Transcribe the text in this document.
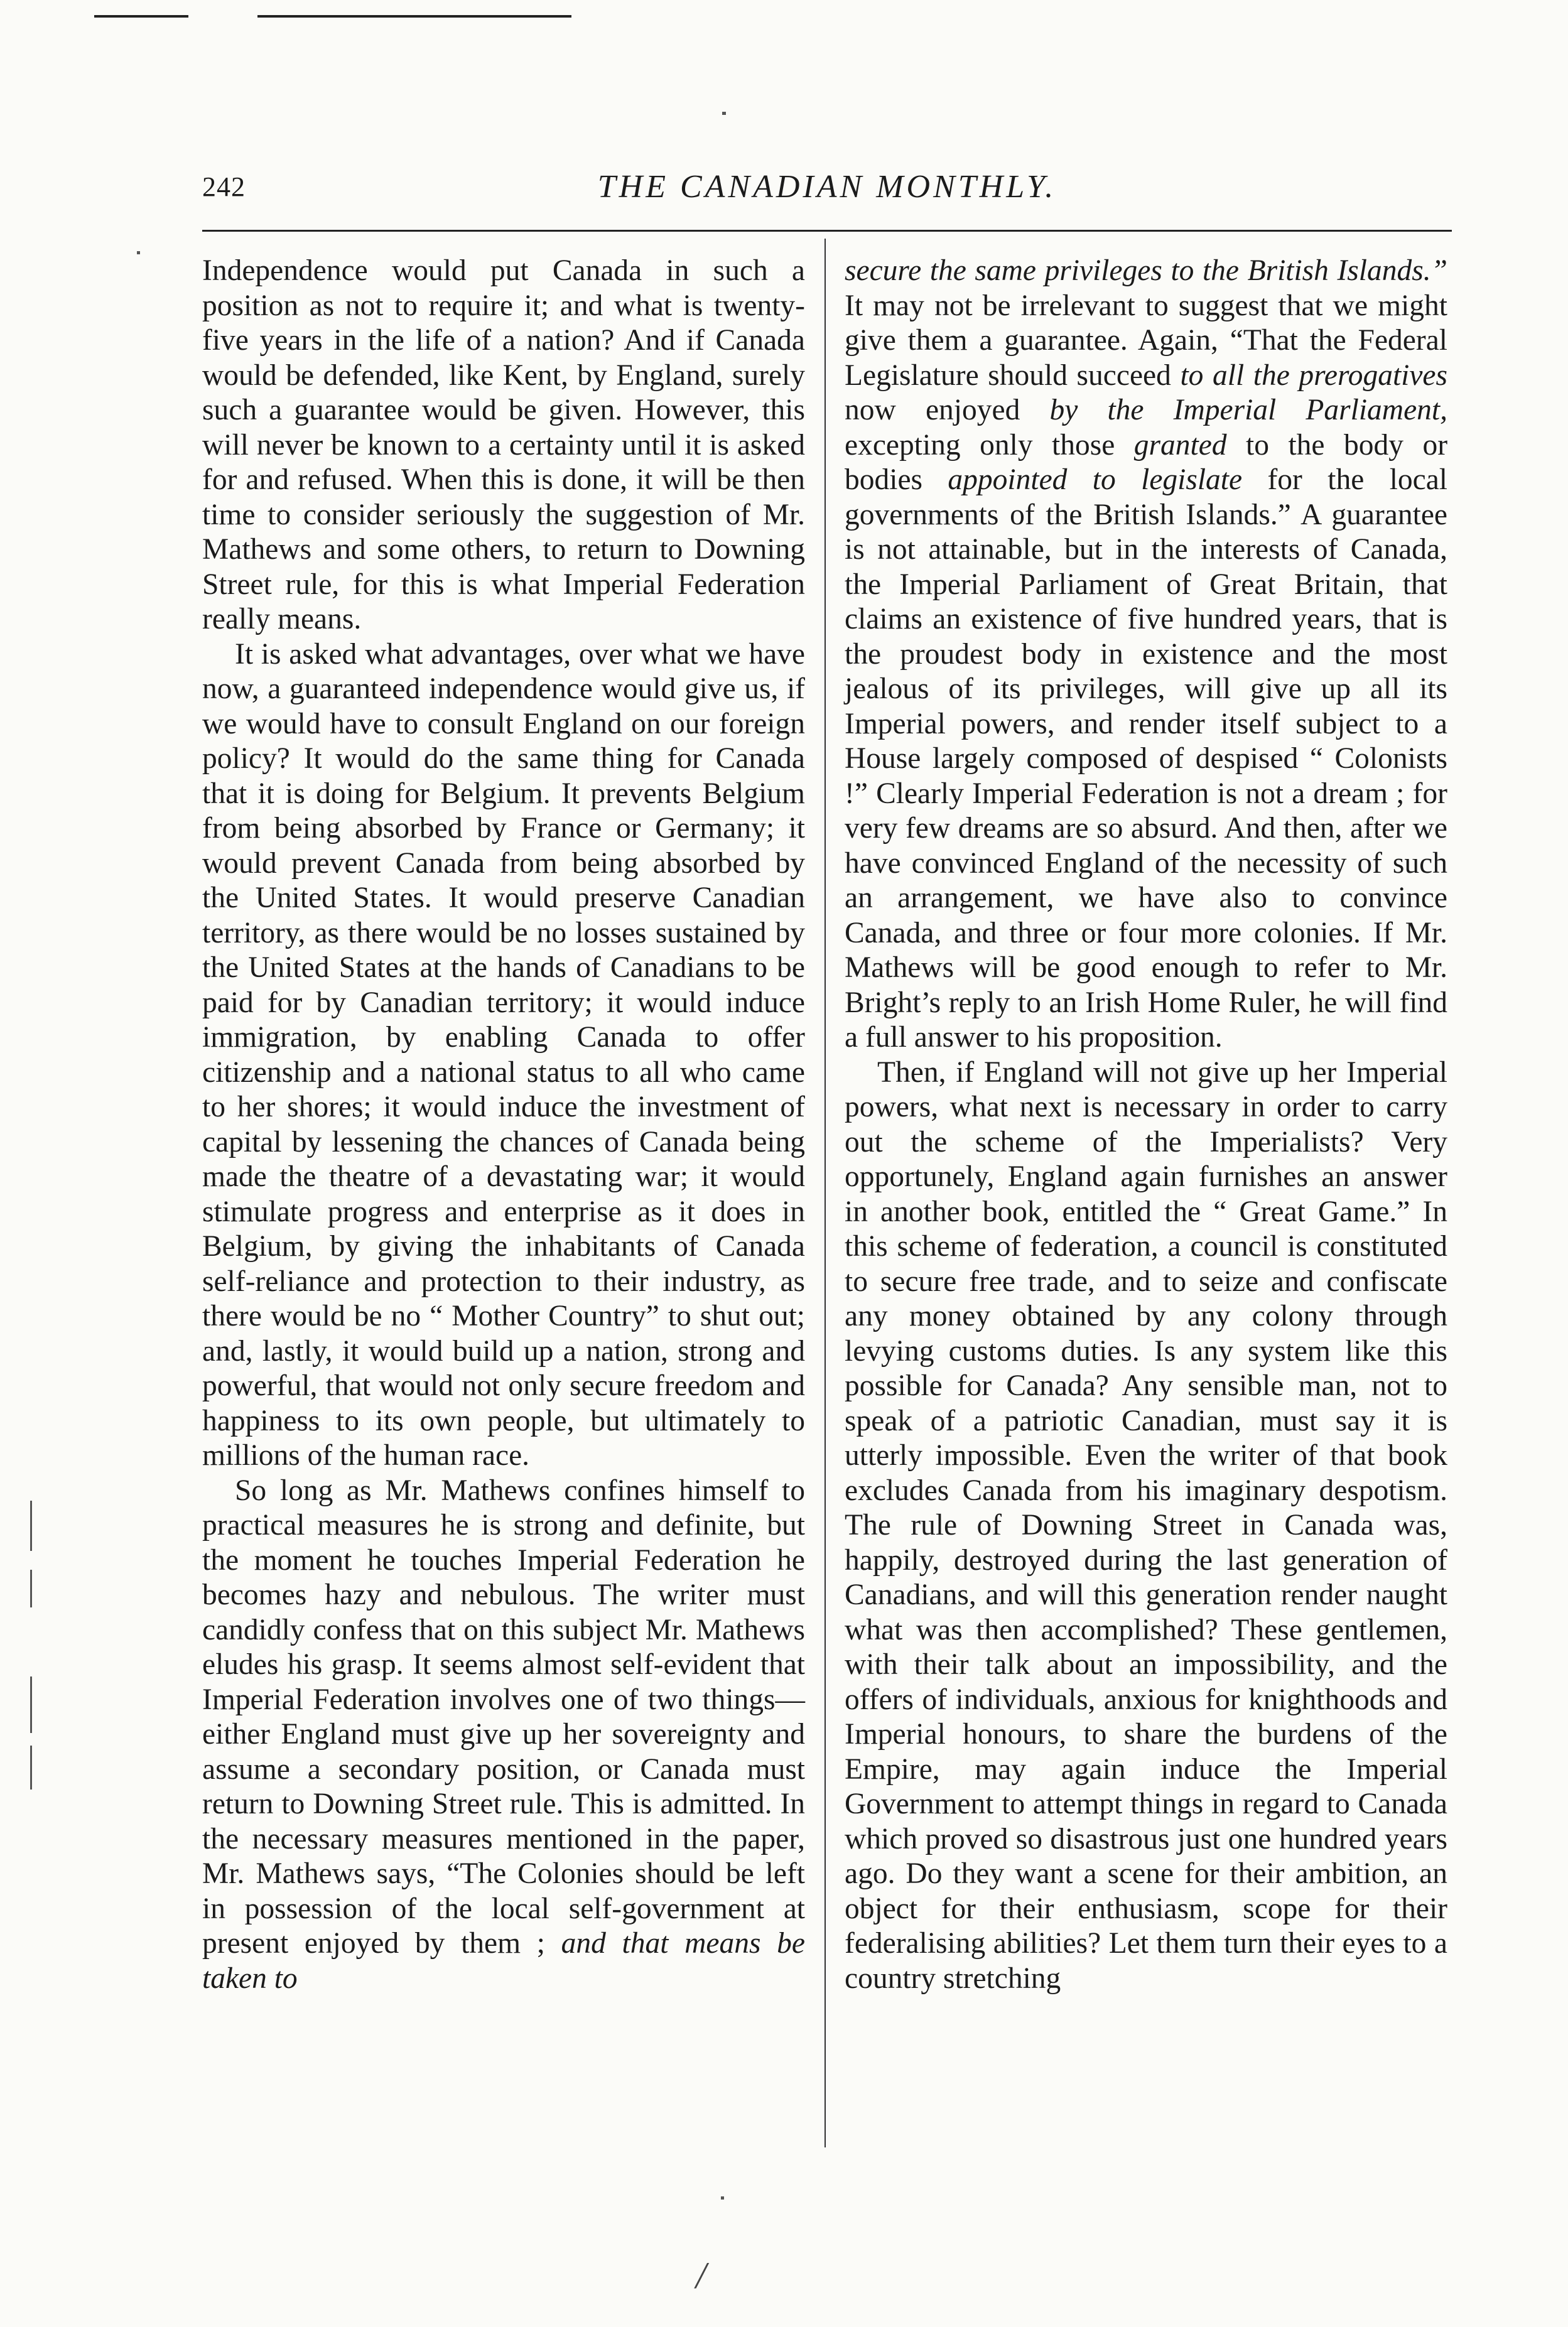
242	THE CANADIAN MONTHLY.

Independence would put Canada in such a position as not to require it; and what is twenty-five years in the life of a nation? And if Canada would be defended, like Kent, by England, surely such a guarantee would be given. However, this will never be known to a certainty until it is asked for and refused. When this is done, it will be then time to consider seriously the suggestion of Mr. Mathews and some others, to return to Downing Street rule, for this is what Imperial Federation really means.

It is asked what advantages, over what we have now, a guaranteed independence would give us, if we would have to consult England on our foreign policy? It would do the same thing for Canada that it is doing for Belgium. It prevents Belgium from being absorbed by France or Germany; it would prevent Canada from being absorbed by the United States. It would preserve Canadian territory, as there would be no losses sustained by the United States at the hands of Canadians to be paid for by Canadian territory; it would induce immigration, by enabling Canada to offer citizenship and a national status to all who came to her shores; it would induce the investment of capital by lessening the chances of Canada being made the theatre of a devastating war; it would stimulate progress and enterprise as it does in Belgium, by giving the inhabitants of Canada self-reliance and protection to their industry, as there would be no “ Mother Country” to shut out; and, lastly, it would build up a nation, strong and powerful, that would not only secure freedom and happiness to its own people, but ultimately to millions of the human race.

So long as Mr. Mathews confines himself to practical measures he is strong and definite, but the moment he touches Imperial Federation he becomes hazy and nebulous. The writer must candidly confess that on this subject Mr. Mathews eludes his grasp. It seems almost self-evident that Imperial Federation involves one of two things—either England must give up her sovereignty and assume a secondary position, or Canada must return to Downing Street rule. This is admitted. In the necessary measures mentioned in the paper, Mr. Mathews says, “The Colonies should be left in possession of the local self-government at present enjoyed by them ; and that means be taken to

secure the same privileges to the British Islands.” It may not be irrelevant to suggest that we might give them a guarantee. Again, “That the Federal Legislature should succeed to all the prerogatives now enjoyed by the Imperial Parliament, excepting only those granted to the body or bodies appointed to legislate for the local governments of the British Islands.” A guarantee is not attainable, but in the interests of Canada, the Imperial Parliament of Great Britain, that claims an existence of five hundred years, that is the proudest body in existence and the most jealous of its privileges, will give up all its Imperial powers, and render itself subject to a House largely composed of despised “ Colonists !” Clearly Imperial Federation is not a dream ; for very few dreams are so absurd. And then, after we have convinced England of the necessity of such an arrangement, we have also to convince Canada, and three or four more colonies. If Mr. Mathews will be good enough to refer to Mr. Bright’s reply to an Irish Home Ruler, he will find a full answer to his proposition.

Then, if England will not give up her Imperial powers, what next is necessary in order to carry out the scheme of the Imperialists? Very opportunely, England again furnishes an answer in another book, entitled the “ Great Game.” In this scheme of federation, a council is constituted to secure free trade, and to seize and confiscate any money obtained by any colony through levying customs duties. Is any system like this possible for Canada? Any sensible man, not to speak of a patriotic Canadian, must say it is utterly impossible. Even the writer of that book excludes Canada from his imaginary despotism. The rule of Downing Street in Canada was, happily, destroyed during the last generation of Canadians, and will this generation render naught what was then accomplished? These gentlemen, with their talk about an impossibility, and the offers of individuals, anxious for knighthoods and Imperial honours, to share the burdens of the Empire, may again induce the Imperial Government to attempt things in regard to Canada which proved so disastrous just one hundred years ago. Do they want a scene for their ambition, an object for their enthusiasm, scope for their federalising abilities? Let them turn their eyes to a country stretching

/
